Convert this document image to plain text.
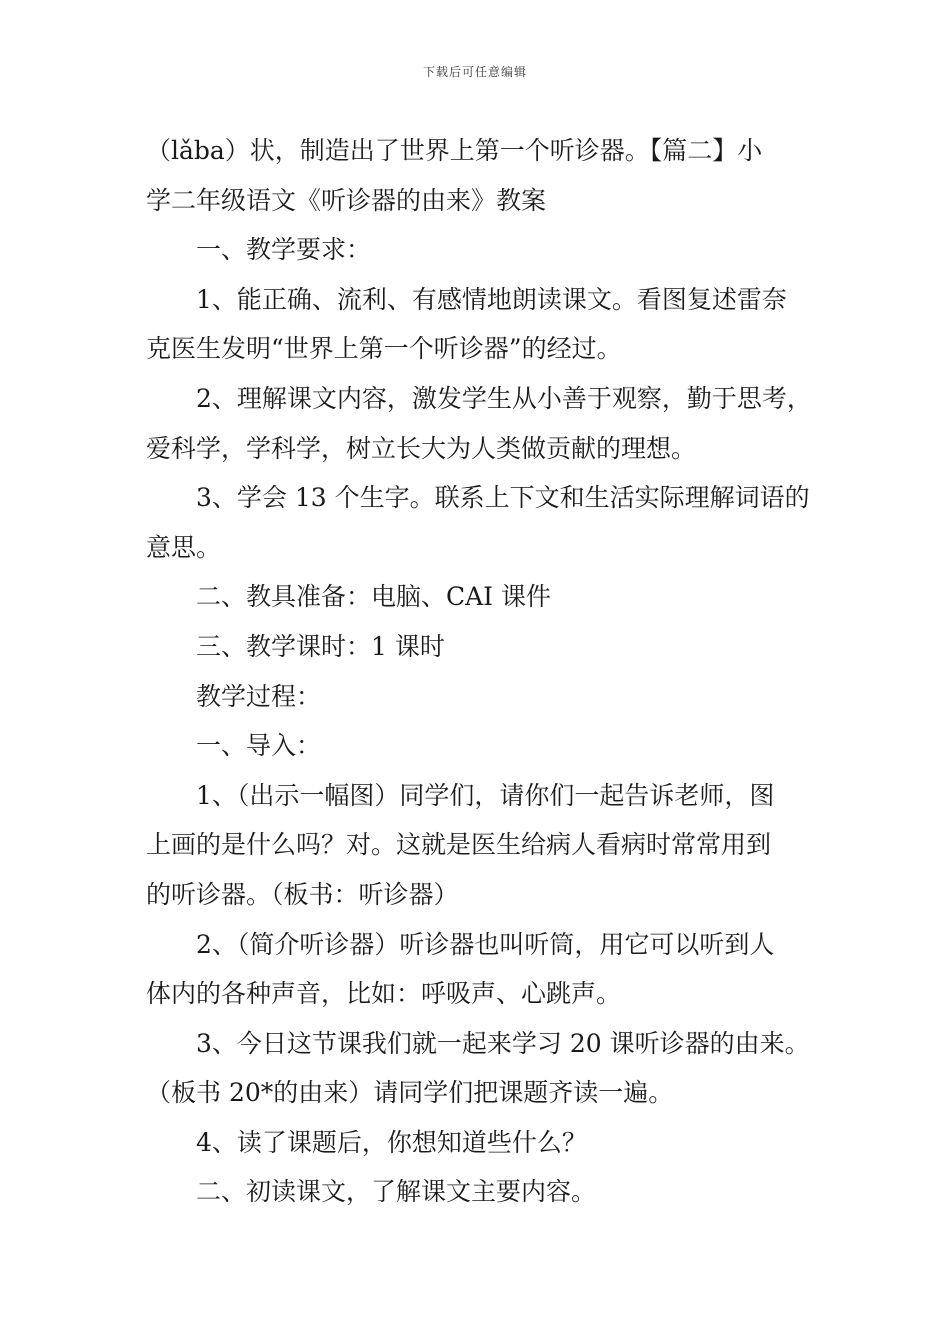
下载后可任意编辑

（lǎba）状，制造出了世界上第一个听诊器。【篇二】小
学二年级语文《听诊器的由来》教案

一、教学要求：

1、能正确、流利、有感情地朗读课文。看图复述雷奈
克医生发明“世界上第一个听诊器”的经过。

2、理解课文内容，激发学生从小善于观察，勤于思考，
爱科学，学科学，树立长大为人类做贡献的理想。

3、学会 13 个生字。联系上下文和生活实际理解词语的
意思。

二、教具准备：电脑、CAI 课件

三、教学课时：1 课时

教学过程：

一、导入：

1、（出示一幅图）同学们，请你们一起告诉老师，图
上画的是什么吗？对。这就是医生给病人看病时常常用到
的听诊器。（板书：听诊器）

2、（简介听诊器）听诊器也叫听筒，用它可以听到人
体内的各种声音，比如：呼吸声、心跳声。

3、今日这节课我们就一起来学习 20 课听诊器的由来。
（板书 20*的由来）请同学们把课题齐读一遍。

4、读了课题后，你想知道些什么？

二、初读课文，了解课文主要内容。
